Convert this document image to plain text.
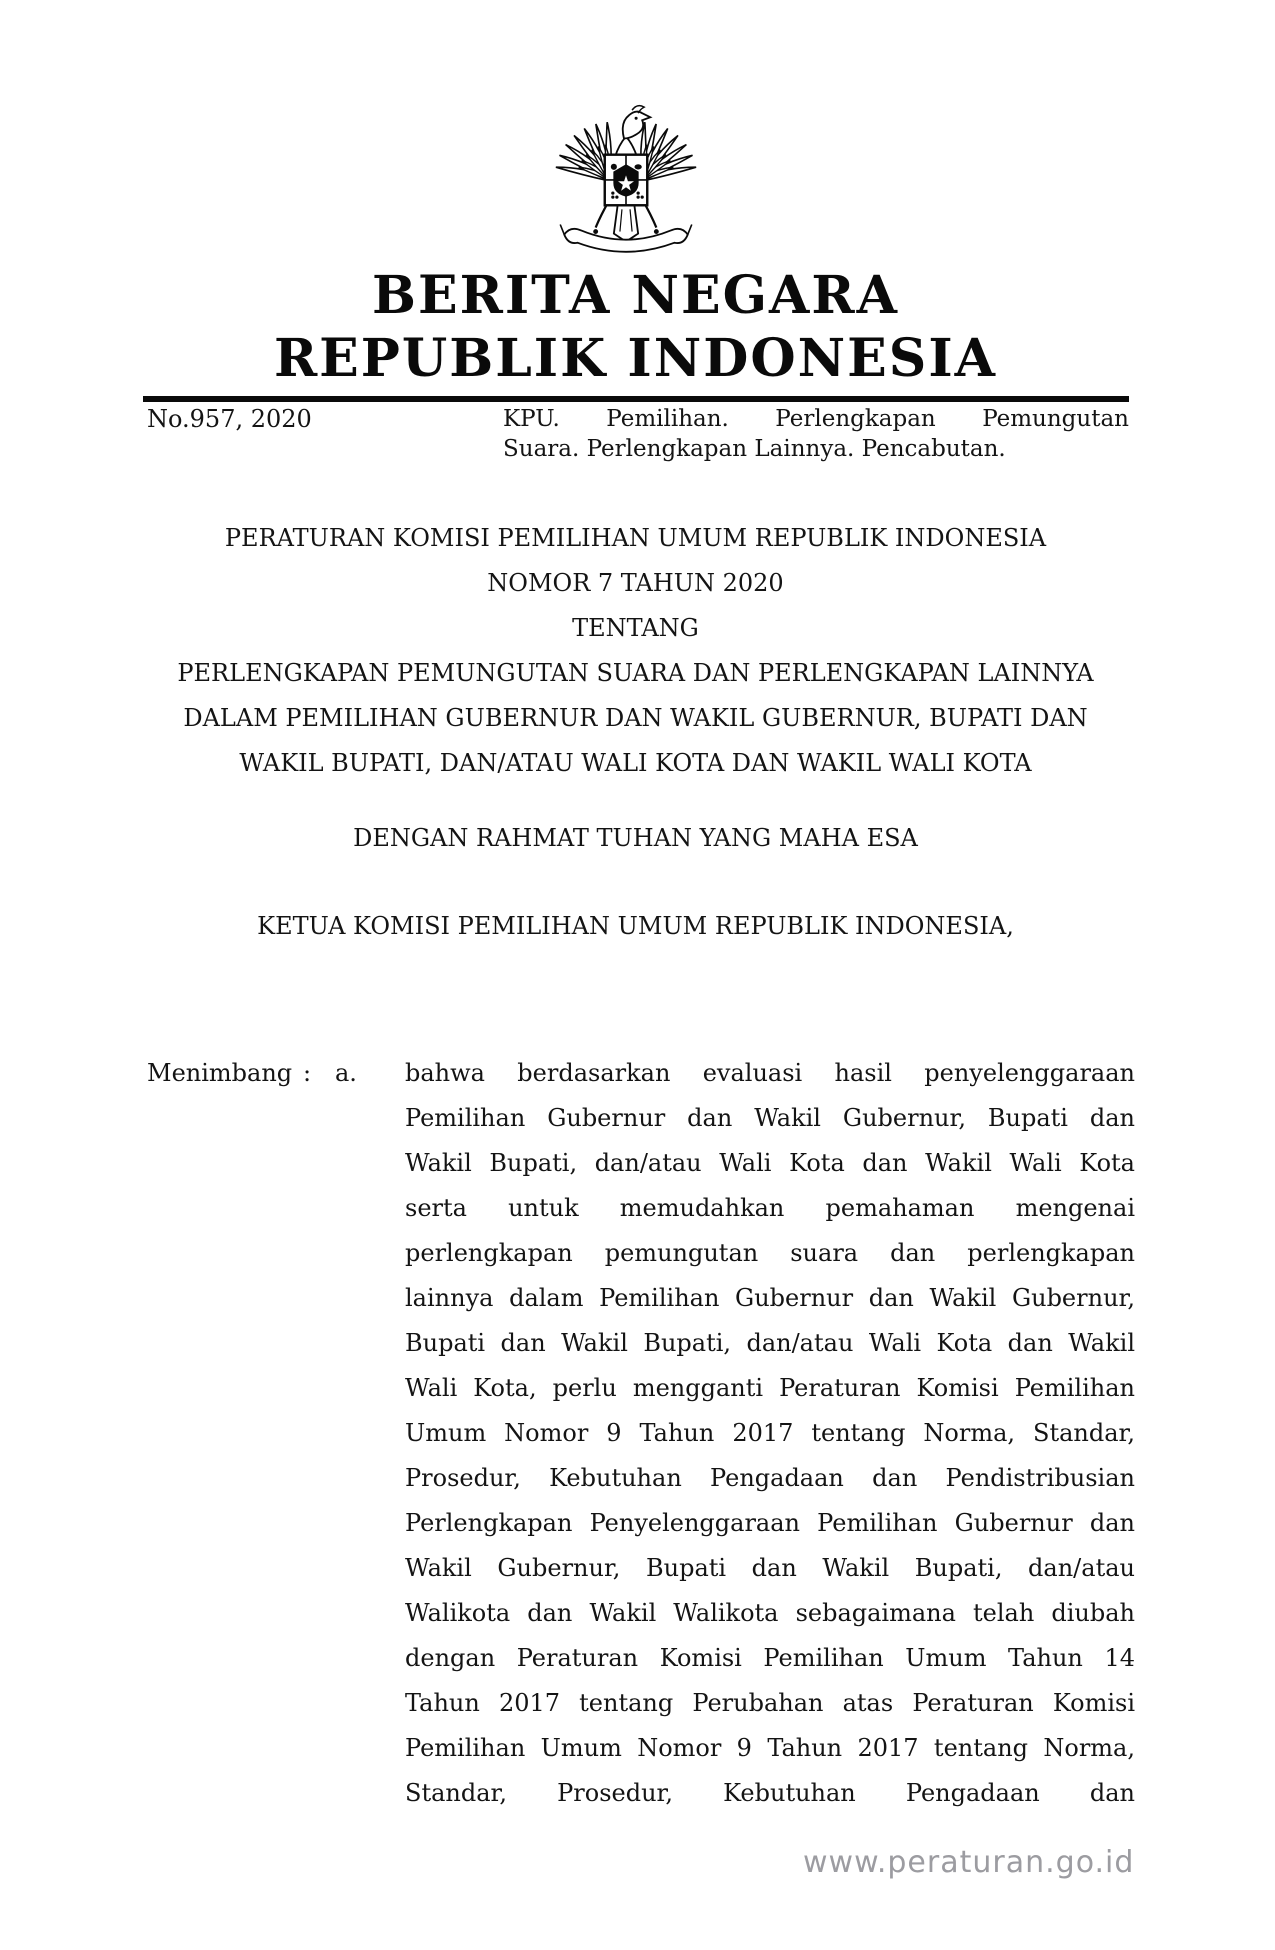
BERITA NEGARA
REPUBLIK INDONESIA
No.957, 2020	KPU. Pemilihan. Perlengkapan Pemungutan
Suara. Perlengkapan Lainnya. Pencabutan.
PERATURAN KOMISI PEMILIHAN UMUM REPUBLIK INDONESIA
NOMOR 7 TAHUN 2020
TENTANG
PERLENGKAPAN PEMUNGUTAN SUARA DAN PERLENGKAPAN LAINNYA
DALAM PEMILIHAN GUBERNUR DAN WAKIL GUBERNUR, BUPATI DAN
WAKIL BUPATI, DAN/ATAU WALI KOTA DAN WAKIL WALI KOTA
DENGAN RAHMAT TUHAN YANG MAHA ESA
KETUA KOMISI PEMILIHAN UMUM REPUBLIK INDONESIA,
Menimbang : a. bahwa berdasarkan evaluasi hasil penyelenggaraan
Pemilihan Gubernur dan Wakil Gubernur, Bupati dan
Wakil Bupati, dan/atau Wali Kota dan Wakil Wali Kota
serta untuk memudahkan pemahaman mengenai
perlengkapan pemungutan suara dan perlengkapan
lainnya dalam Pemilihan Gubernur dan Wakil Gubernur,
Bupati dan Wakil Bupati, dan/atau Wali Kota dan Wakil
Wali Kota, perlu mengganti Peraturan Komisi Pemilihan
Umum Nomor 9 Tahun 2017 tentang Norma, Standar,
Prosedur, Kebutuhan Pengadaan dan Pendistribusian
Perlengkapan Penyelenggaraan Pemilihan Gubernur dan
Wakil Gubernur, Bupati dan Wakil Bupati, dan/atau
Walikota dan Wakil Walikota sebagaimana telah diubah
dengan Peraturan Komisi Pemilihan Umum Tahun 14
Tahun 2017 tentang Perubahan atas Peraturan Komisi
Pemilihan Umum Nomor 9 Tahun 2017 tentang Norma,
Standar, Prosedur, Kebutuhan Pengadaan dan
www.peraturan.go.id
